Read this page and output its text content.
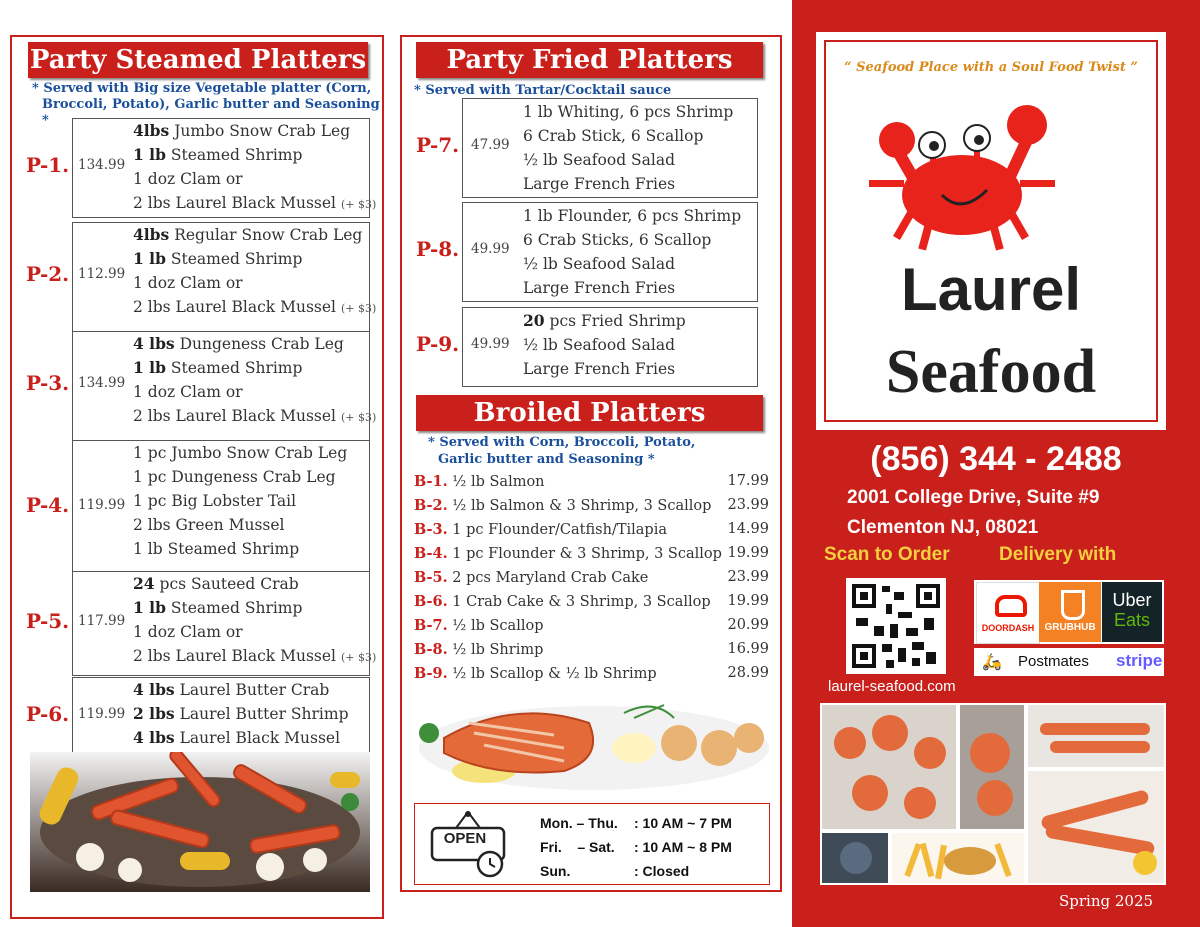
Party Steamed Platters
* Served with Big size Vegetable platter (Corn,
Broccoli, Potato), Garlic butter and Seasoning *
P-1. 134.99
4lbs Jumbo Snow Crab Leg
1 lb Steamed Shrimp
1 doz Clam or
2 lbs Laurel Black Mussel (+ $3)
P-2. 112.99
4lbs Regular Snow Crab Leg
1 lb Steamed Shrimp
1 doz Clam or
2 lbs Laurel Black Mussel (+ $3)
P-3. 134.99
4 lbs Dungeness Crab Leg
1 lb Steamed Shrimp
1 doz Clam or
2 lbs Laurel Black Mussel (+ $3)
P-4. 119.99
1 pc Jumbo Snow Crab Leg
1 pc Dungeness Crab Leg
1 pc Big Lobster Tail
2 lbs Green Mussel
1 lb Steamed Shrimp
P-5. 117.99
24 pcs Sauteed Crab
1 lb Steamed Shrimp
1 doz Clam or
2 lbs Laurel Black Mussel (+ $3)
P-6. 119.99
4 lbs Laurel Butter Crab
2 lbs Laurel Butter Shrimp
4 lbs Laurel Black Mussel
Party Fried Platters
* Served with Tartar/Cocktail sauce
P-7. 47.99
1 lb Whiting, 6 pcs Shrimp
6 Crab Stick, 6 Scallop
½ lb Seafood Salad
Large French Fries
P-8. 49.99
1 lb Flounder, 6 pcs Shrimp
6 Crab Sticks, 6 Scallop
½ lb Seafood Salad
Large French Fries
P-9. 49.99
20 pcs Fried Shrimp
½ lb Seafood Salad
Large French Fries
Broiled Platters
* Served with Corn, Broccoli, Potato,
Garlic butter and Seasoning *
B-1. ½ lb Salmon	17.99
B-2. ½ lb Salmon & 3 Shrimp, 3 Scallop 23.99
B-3. 1 pc Flounder/Catfish/Tilapia	14.99
B-4. 1 pc Flounder & 3 Shrimp, 3 Scallop 19.99
B-5. 2 pcs Maryland Crab Cake	23.99
B-6. 1 Crab Cake & 3 Shrimp, 3 Scallop 19.99
B-7. ½ lb Scallop	20.99
B-8. ½ lb Shrimp	16.99
B-9. ½ lb Scallop & ½ lb Shrimp	28.99
OPEN
Mon. – Thu. : 10 AM ~ 7 PM
Fri.    – Sat. : 10 AM ~ 8 PM
Sun.	: Closed
“ Seafood Place with a Soul Food Twist ”
Laurel
Seafood
(856) 344 - 2488
2001 College Drive, Suite #9
Clementon NJ, 08021
Scan to Order	Delivery with
laurel-seafood.com
DOORDASH	GRUBHUB
Uber
Eats
🛵 Postmates stripe
Spring 2025
